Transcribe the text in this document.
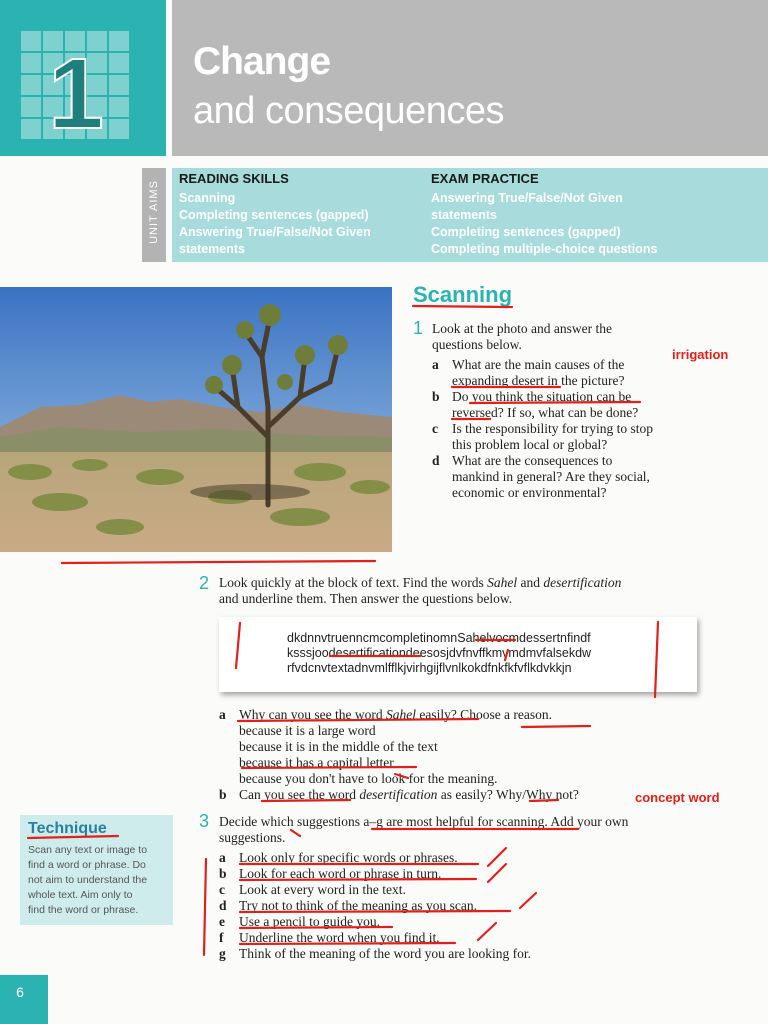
1 Change
and consequences
UNIT AIMS
READING SKILLS
Scanning
Completing sentences (gapped)
Answering True/False/Not Given
statements
EXAM PRACTICE
Answering True/False/Not Given
statements
Completing sentences (gapped)
Completing multiple-choice questions
Scanning
1 Look at the photo and answer the
questions below.
a What are the main causes of the
expanding desert in the picture?
b Do you think the situation can be
reversed? If so, what can be done?
c Is the responsibility for trying to stop
this problem local or global?
d What are the consequences to
mankind in general? Are they social,
economic or environmental?
irrigation
2 Look quickly at the block of text. Find the words Sahel and desertification
and underline them. Then answer the questions below.
dkdnnvtruenncmcompletinomnSahelvocmdessertnfindf
ksssjoodesertificationdeesosjdvfnvffkmvmdmvfalsekdw
rfvdcnvtextadnvmlfflkjvirhgijflvnlkokdfnkfkfvflkdvkkjn
a Why can you see the word Sahel easily? Choose a reason.
because it is a large word
because it is in the middle of the text
because it has a capital letter
because you don't have to look for the meaning.
b Can you see the word desertification as easily? Why/Why not?	concept word
Technique
Scan any text or image to
find a word or phrase. Do
not aim to understand the
whole text. Aim only to
find the word or phrase.
3 Decide which suggestions a–g are most helpful for scanning. Add your own
suggestions.
a Look only for specific words or phrases.
b Look for each word or phrase in turn.
c Look at every word in the text.
d Try not to think of the meaning as you scan.
e Use a pencil to guide you.
f Underline the word when you find it.
g Think of the meaning of the word you are looking for.
6
